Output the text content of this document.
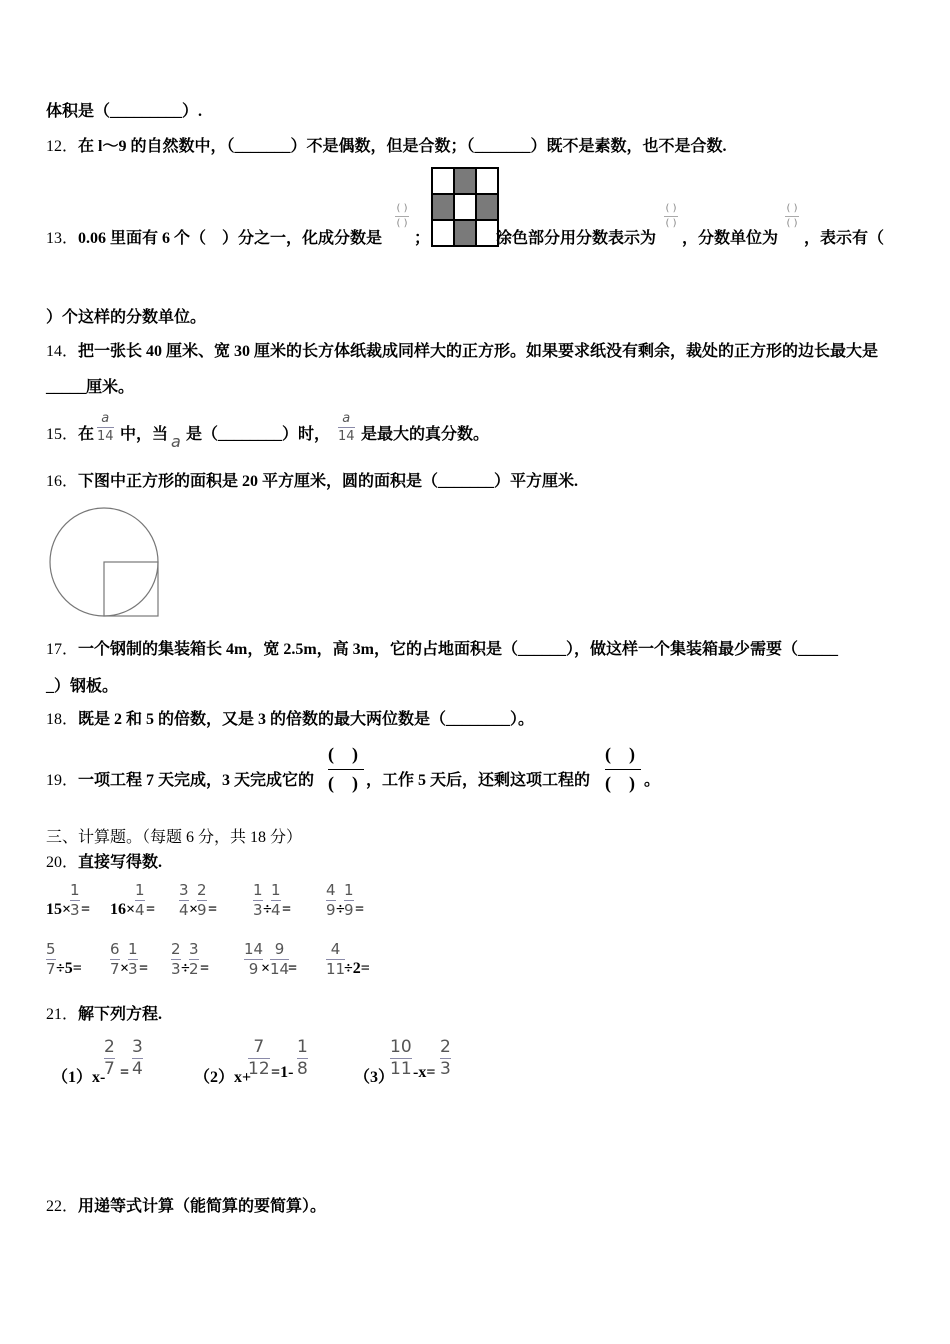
体积是（_________）.
12．在 l～9 的自然数中，（_______）不是偶数，但是合数；（_______）既不是素数，也不是合数.
13．0.06 里面有 6 个（　）分之一，化成分数是
( )
( )
；	涂色部分用分数表示为
( )
( )
，分数单位为
( )
( )
，表示有（
）个这样的分数单位。
14．把一张长 40 厘米、宽 30 厘米的长方体纸裁成同样大的正方形。如果要求纸没有剩余，裁处的正方形的边长最大是
_____厘米。
15．在
a
14 中，当 a 是（________）时，
a
14 是最大的真分数。
16．下图中正方形的面积是 20 平方厘米，圆的面积是（_______）平方厘米.
17．一个钢制的集装箱长 4m，宽 2.5m，高 3m，它的占地面积是（______），做这样一个集装箱最少需要（_____
_）钢板。
18．既是 2 和 5 的倍数，又是 3 的倍数的最大两位数是（________）。
19．一项工程 7 天完成，3 天完成它的
(　)
(　) ，工作 5 天后，还剩这项工程的
(　)
(　) 。
三、计算题。（每题 6 分，共 18 分）
20．直接写得数.
15×
1
3 = 16×
1
4 =
3
4 ×
2
9 =
1
3 ÷
1
4 =
4
9 ÷
1
9 =
5
7 ÷5=
6
7 ×
1
3 =
2
3 ÷
3
2 =
14
9 ×
9
14
=
4
11
÷2=
21．解下列方程.
（1）x-
2
7 =
3
4	（2）x+
7
12 =1-
1
8	（3）
10
11 -x=
2
3
22．用递等式计算（能简算的要简算）。
